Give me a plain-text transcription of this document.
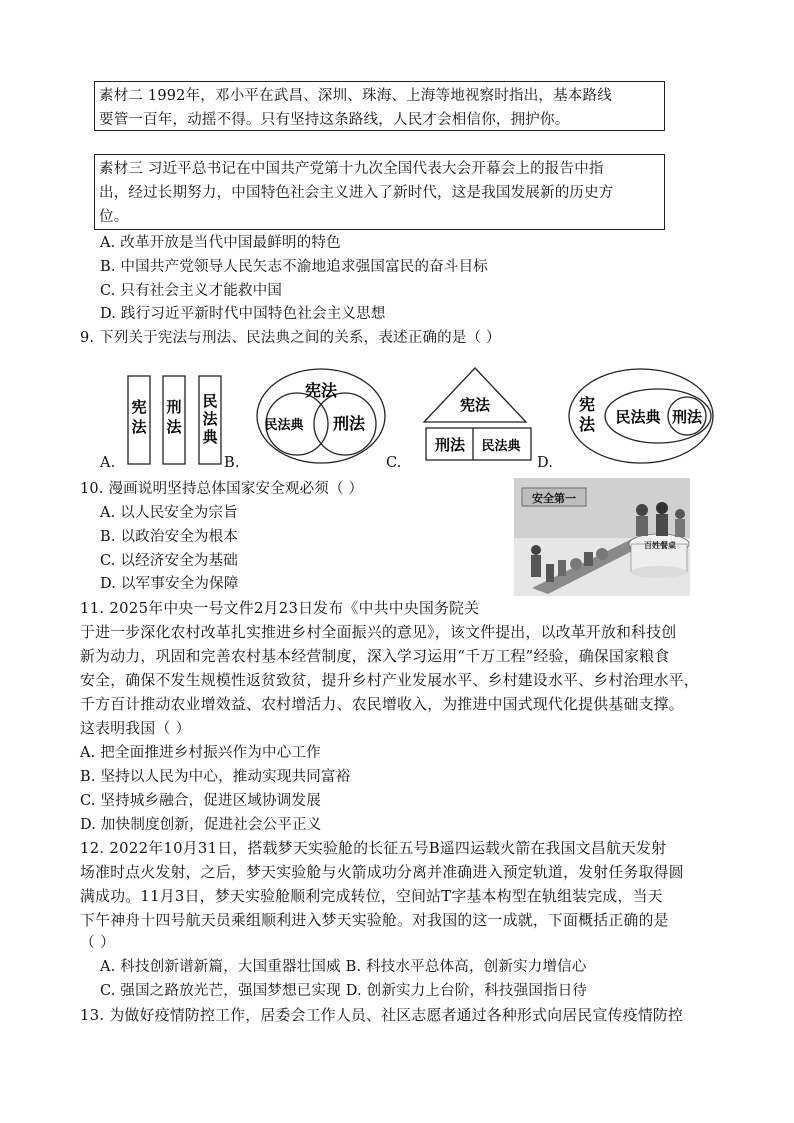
素材二 1992年，邓小平在武昌、深圳、珠海、上海等地视察时指出，基本路线
要管一百年，动摇不得。只有坚持这条路线，人民才会相信你，拥护你。
素材三 习近平总书记在中国共产党第十九次全国代表大会开幕会上的报告中指
出，经过长期努力，中国特色社会主义进入了新时代，这是我国发展新的历史方
位。
A. 改革开放是当代中国最鲜明的特色
B. 中国共产党领导人民矢志不渝地追求强国富民的奋斗目标
C. 只有社会主义才能救中国
D. 践行习近平新时代中国特色社会主义思想
9. 下列关于宪法与刑法、民法典之间的关系，表述正确的是（ ）
宪
法
刑
法
民
法
典
宪法
民法典 刑法
宪法
刑法 民法典
宪
法 民法典 刑法
A.	B.	C.	D.
10. 漫画说明坚持总体国家安全观必须（ ）
A. 以人民安全为宗旨
B. 以政治安全为根本
C. 以经济安全为基础
D. 以军事安全为保障
安全第一
百姓餐桌
11. 2025年中央一号文件2月23日发布《中共中央国务院关
于进一步深化农村改革扎实推进乡村全面振兴的意见》，该文件提出，以改革开放和科技创
新为动力，巩固和完善农村基本经营制度，深入学习运用“千万工程”经验，确保国家粮食
安全，确保不发生规模性返贫致贫，提升乡村产业发展水平、乡村建设水平、乡村治理水平，
千方百计推动农业增效益、农村增活力、农民增收入，为推进中国式现代化提供基础支撑。
这表明我国（ ）
A. 把全面推进乡村振兴作为中心工作
B. 坚持以人民为中心，推动实现共同富裕
C. 坚持城乡融合，促进区域协调发展
D. 加快制度创新，促进社会公平正义
12. 2022年10月31日，搭载梦天实验舱的长征五号B遥四运载火箭在我国文昌航天发射
场准时点火发射，之后，梦天实验舱与火箭成功分离并准确进入预定轨道，发射任务取得圆
满成功。11月3日，梦天实验舱顺利完成转位，空间站T字基本构型在轨组装完成，当天
下午神舟十四号航天员乘组顺利进入梦天实验舱。对我国的这一成就，下面概括正确的是
（ ）
A. 科技创新谱新篇，大国重器壮国威 B. 科技水平总体高，创新实力增信心
C. 强国之路放光芒，强国梦想已实现 D. 创新实力上台阶，科技强国指日待
13. 为做好疫情防控工作，居委会工作人员、社区志愿者通过各种形式向居民宣传疫情防控
